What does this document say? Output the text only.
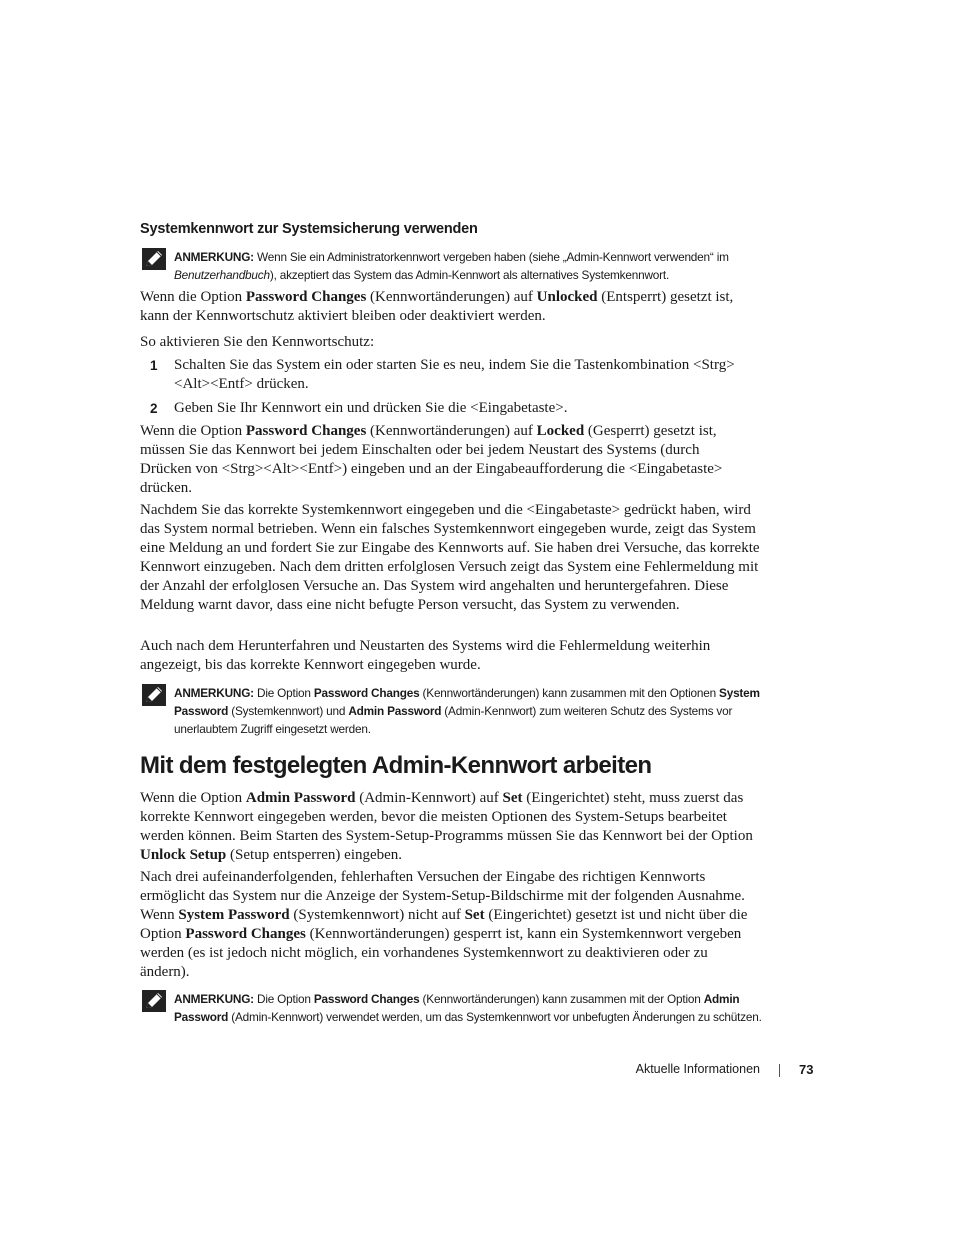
Systemkennwort zur Systemsicherung verwenden
ANMERKUNG: Wenn Sie ein Administratorkennwort vergeben haben (siehe „Admin-Kennwort verwenden“ im Benutzerhandbuch), akzeptiert das System das Admin-Kennwort als alternatives Systemkennwort.
Wenn die Option Password Changes (Kennwortänderungen) auf Unlocked (Entsperrt) gesetzt ist, kann der Kennwortschutz aktiviert bleiben oder deaktiviert werden.
So aktivieren Sie den Kennwortschutz:
1 Schalten Sie das System ein oder starten Sie es neu, indem Sie die Tastenkombination <Strg><Alt><Entf> drücken.
2 Geben Sie Ihr Kennwort ein und drücken Sie die <Eingabetaste>.
Wenn die Option Password Changes (Kennwortänderungen) auf Locked (Gesperrt) gesetzt ist, müssen Sie das Kennwort bei jedem Einschalten oder bei jedem Neustart des Systems (durch Drücken von <Strg><Alt><Entf>) eingeben und an der Eingabeaufforderung die <Eingabetaste> drücken.
Nachdem Sie das korrekte Systemkennwort eingegeben und die <Eingabetaste> gedrückt haben, wird das System normal betrieben. Wenn ein falsches Systemkennwort eingegeben wurde, zeigt das System eine Meldung an und fordert Sie zur Eingabe des Kennworts auf. Sie haben drei Versuche, das korrekte Kennwort einzugeben. Nach dem dritten erfolglosen Versuch zeigt das System eine Fehlermeldung mit der Anzahl der erfolglosen Versuche an. Das System wird angehalten und heruntergefahren. Diese Meldung warnt davor, dass eine nicht befugte Person versucht, das System zu verwenden.
Auch nach dem Herunterfahren und Neustarten des Systems wird die Fehlermeldung weiterhin angezeigt, bis das korrekte Kennwort eingegeben wurde.
ANMERKUNG: Die Option Password Changes (Kennwortänderungen) kann zusammen mit den Optionen System Password (Systemkennwort) und Admin Password (Admin-Kennwort) zum weiteren Schutz des Systems vor unerlaubtem Zugriff eingesetzt werden.
Mit dem festgelegten Admin-Kennwort arbeiten
Wenn die Option Admin Password (Admin-Kennwort) auf Set (Eingerichtet) steht, muss zuerst das korrekte Kennwort eingegeben werden, bevor die meisten Optionen des System-Setups bearbeitet werden können. Beim Starten des System-Setup-Programms müssen Sie das Kennwort bei der Option Unlock Setup (Setup entsperren) eingeben.
Nach drei aufeinanderfolgenden, fehlerhaften Versuchen der Eingabe des richtigen Kennworts ermöglicht das System nur die Anzeige der System-Setup-Bildschirme mit der folgenden Ausnahme. Wenn System Password (Systemkennwort) nicht auf Set (Eingerichtet) gesetzt ist und nicht über die Option Password Changes (Kennwortänderungen) gesperrt ist, kann ein Systemkennwort vergeben werden (es ist jedoch nicht möglich, ein vorhandenes Systemkennwort zu deaktivieren oder zu ändern).
ANMERKUNG: Die Option Password Changes (Kennwortänderungen) kann zusammen mit der Option Admin Password (Admin-Kennwort) verwendet werden, um das Systemkennwort vor unbefugten Änderungen zu schützen.
Aktuelle Informationen	73
